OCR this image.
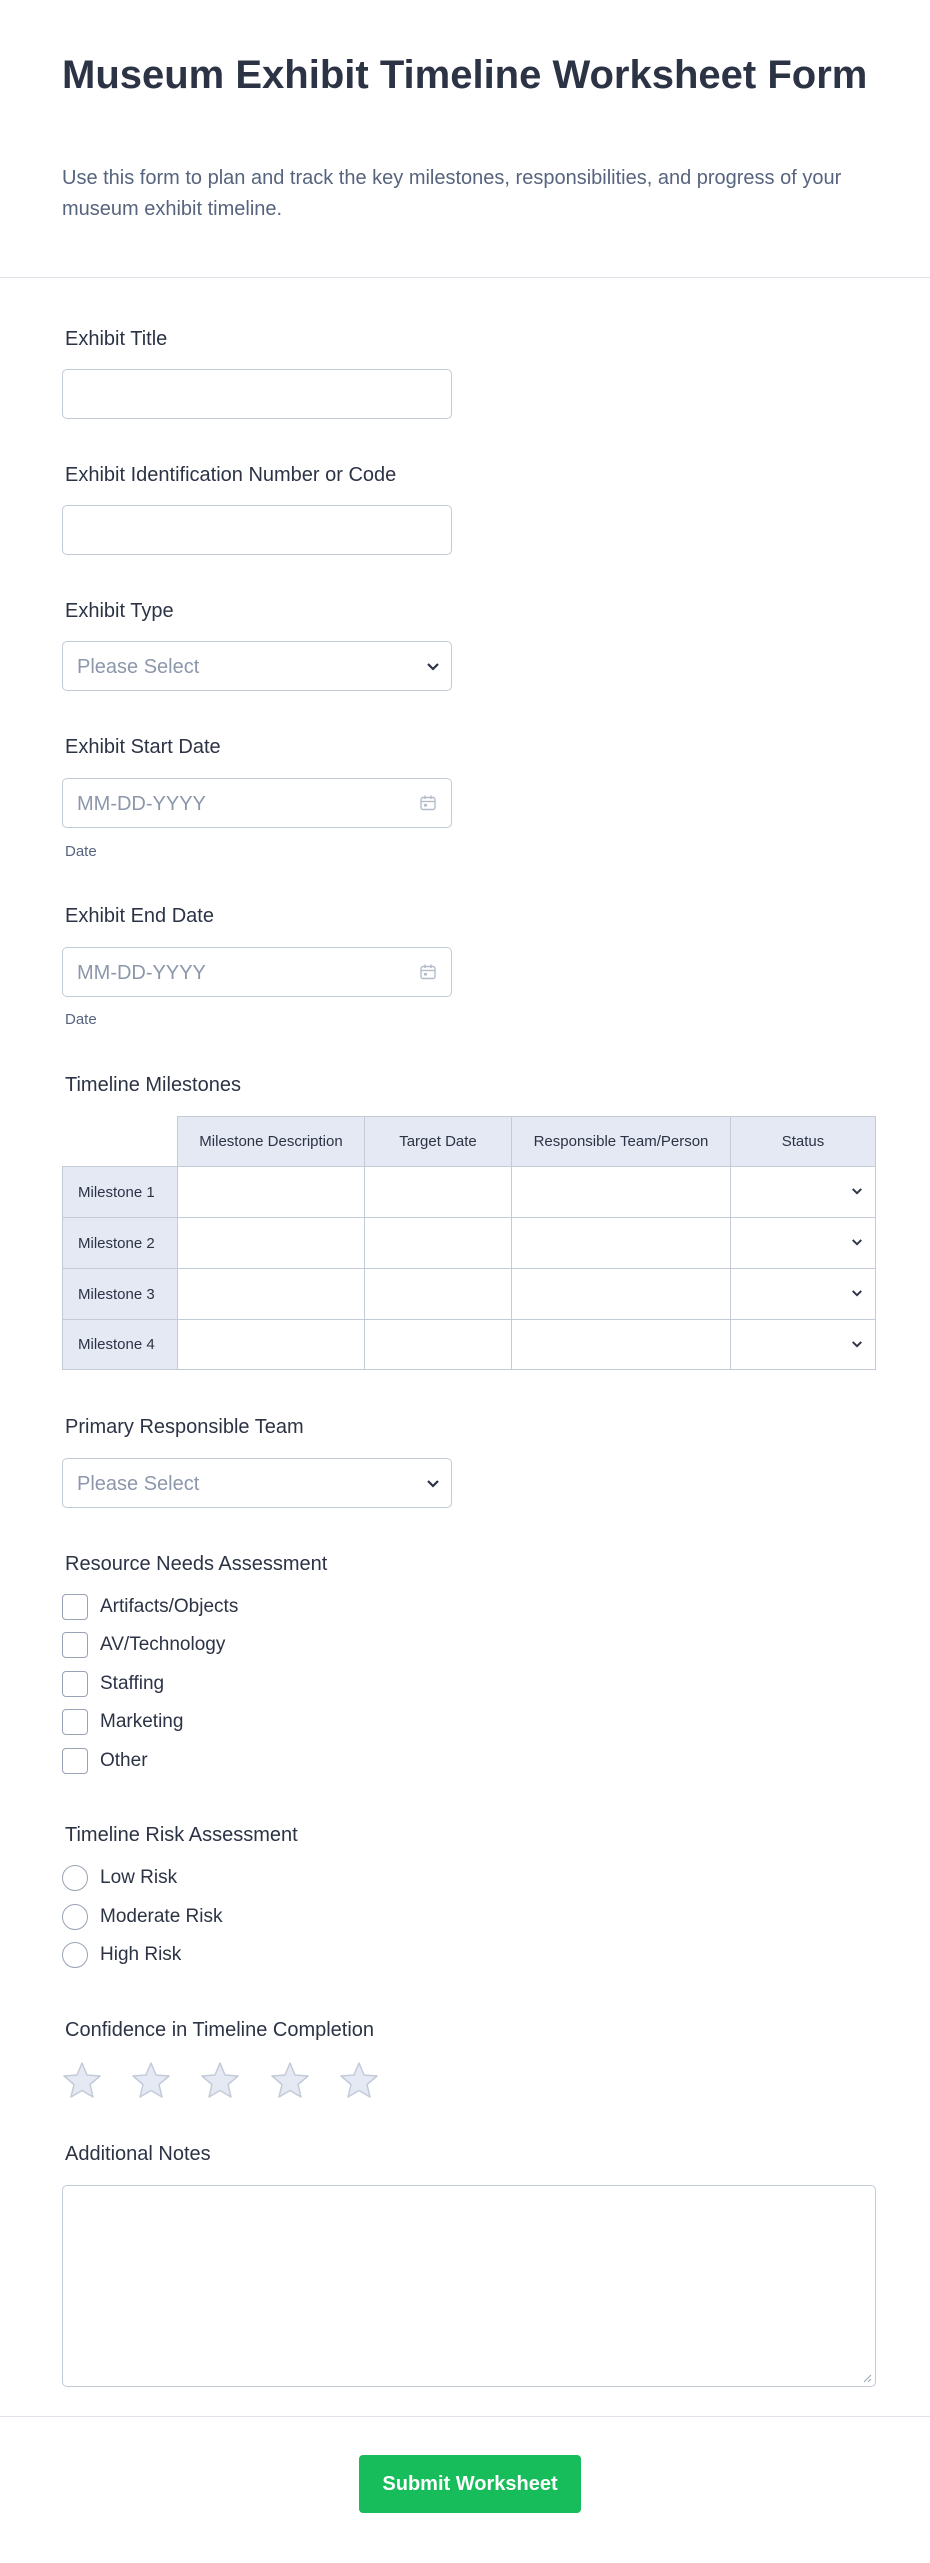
Museum Exhibit Timeline Worksheet Form

Use this form to plan and track the key milestones, responsibilities, and progress of your museum exhibit timeline.

Exhibit Title
Exhibit Identification Number or Code
Exhibit Type
Please Select
Exhibit Start Date
MM-DD-YYYY
Date
Exhibit End Date
MM-DD-YYYY
Date
Timeline Milestones
Milestone Description	Target Date	Responsible Team/Person	Status
Milestone 1
Milestone 2
Milestone 3
Milestone 4
Primary Responsible Team
Please Select
Resource Needs Assessment
Artifacts/Objects
AV/Technology
Staffing
Marketing
Other
Timeline Risk Assessment
Low Risk
Moderate Risk
High Risk
Confidence in Timeline Completion
Additional Notes
Submit Worksheet
